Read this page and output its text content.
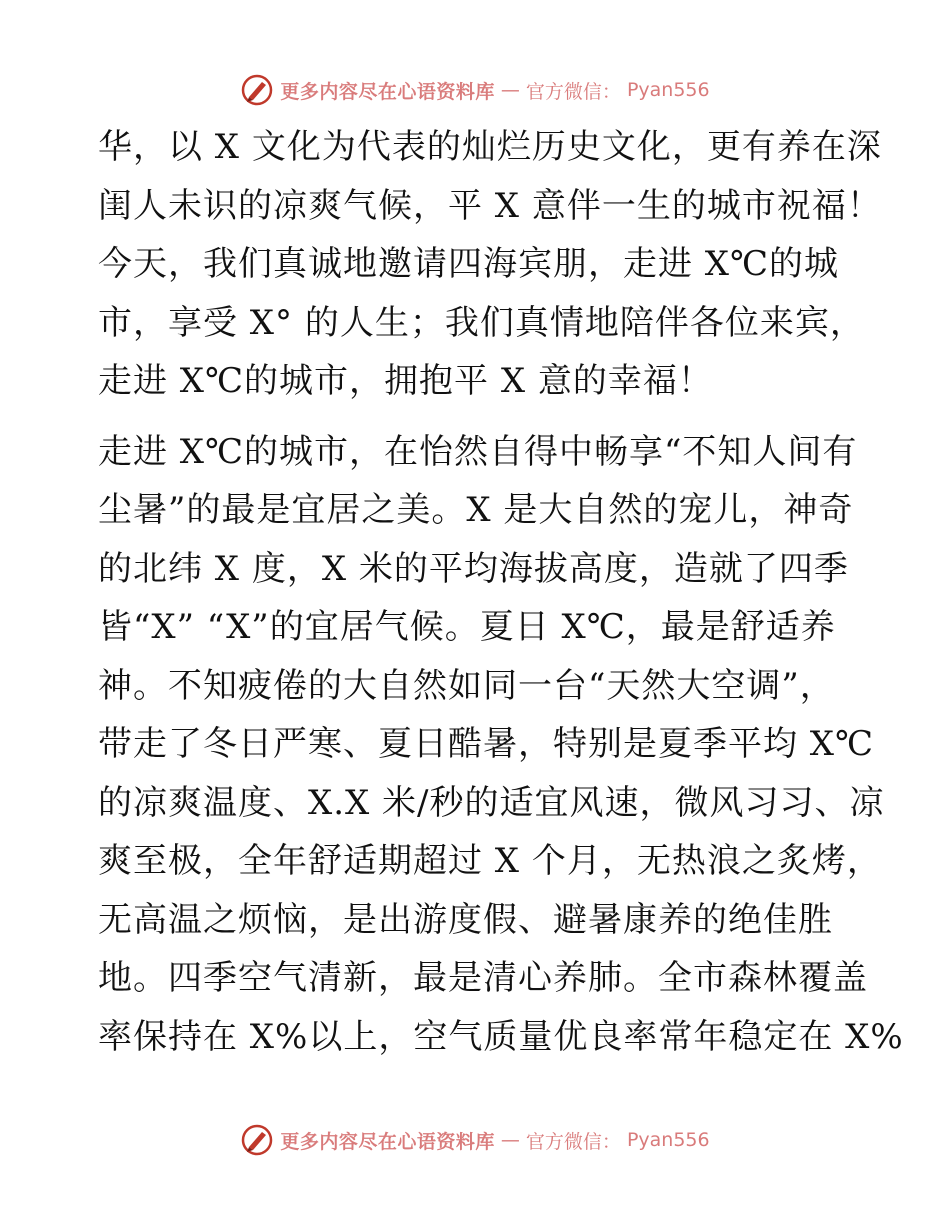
更多内容尽在心语资料库 — 官方微信： Pyan556
华，以 X 文化为代表的灿烂历史文化，更有养在深
闺人未识的凉爽气候，平 X 意伴一生的城市祝福！
今天，我们真诚地邀请四海宾朋，走进 X℃的城
市，享受 X° 的人生；我们真情地陪伴各位来宾，
走进 X℃的城市，拥抱平 X 意的幸福！
走进 X℃的城市，在怡然自得中畅享“不知人间有
尘暑”的最是宜居之美。X 是大自然的宠儿，神奇
的北纬 X 度，X 米的平均海拔高度，造就了四季
皆“X” “X”的宜居气候。夏日 X℃，最是舒适养
神。不知疲倦的大自然如同一台“天然大空调”，
带走了冬日严寒、夏日酷暑，特别是夏季平均 X℃
的凉爽温度、X.X 米/秒的适宜风速，微风习习、凉
爽至极，全年舒适期超过 X 个月，无热浪之炙烤，
无高温之烦恼，是出游度假、避暑康养的绝佳胜
地。四季空气清新，最是清心养肺。全市森林覆盖
率保持在 X%以上，空气质量优良率常年稳定在 X%
更多内容尽在心语资料库 — 官方微信： Pyan556
